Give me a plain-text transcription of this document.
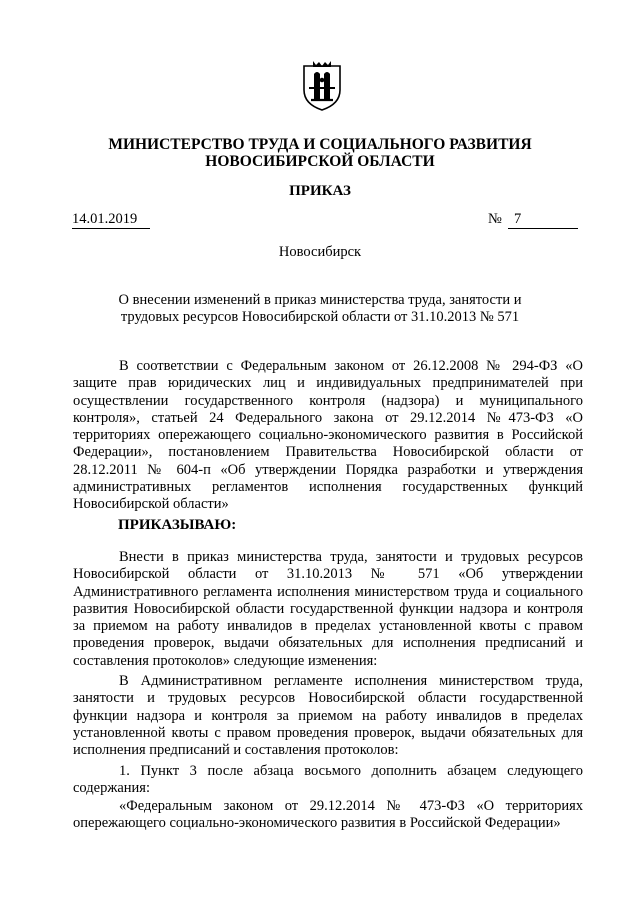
МИНИСТЕРСТВО ТРУДА И СОЦИАЛЬНОГО РАЗВИТИЯ
НОВОСИБИРСКОЙ ОБЛАСТИ
ПРИКАЗ
14.01.2019	№ 7
Новосибирск
О внесении изменений в приказ министерства труда, занятости и трудовых ресурсов Новосибирской области от 31.10.2013 № 571
В соответствии с Федеральным законом от 26.12.2008 № 294-ФЗ «О защите прав юридических лиц и индивидуальных предпринимателей при осуществлении государственного контроля (надзора) и муниципального контроля», статьей 24 Федерального закона от 29.12.2014 №473-ФЗ «О территориях опережающего социально-экономического развития в Российской Федерации», постановлением Правительства Новосибирской области от 28.12.2011 № 604-п «Об утверждении Порядка разработки и утверждения административных регламентов исполнения государственных функций Новосибирской области»
ПРИКАЗЫВАЮ:
Внести в приказ министерства труда, занятости и трудовых ресурсов Новосибирской области от 31.10.2013 № 571 «Об утверждении Административного регламента исполнения министерством труда и социального развития Новосибирской области государственной функции надзора и контроля за приемом на работу инвалидов в пределах установленной квоты с правом проведения проверок, выдачи обязательных для исполнения предписаний и составления протоколов» следующие изменения:
В Административном регламенте исполнения министерством труда, занятости и трудовых ресурсов Новосибирской области государственной функции надзора и контроля за приемом на работу инвалидов в пределах установленной квоты с правом проведения проверок, выдачи обязательных для исполнения предписаний и составления протоколов:
1. Пункт 3 после абзаца восьмого дополнить абзацем следующего содержания:
«Федеральным законом от 29.12.2014 № 473-ФЗ «О территориях опережающего социально-экономического развития в Российской Федерации»
